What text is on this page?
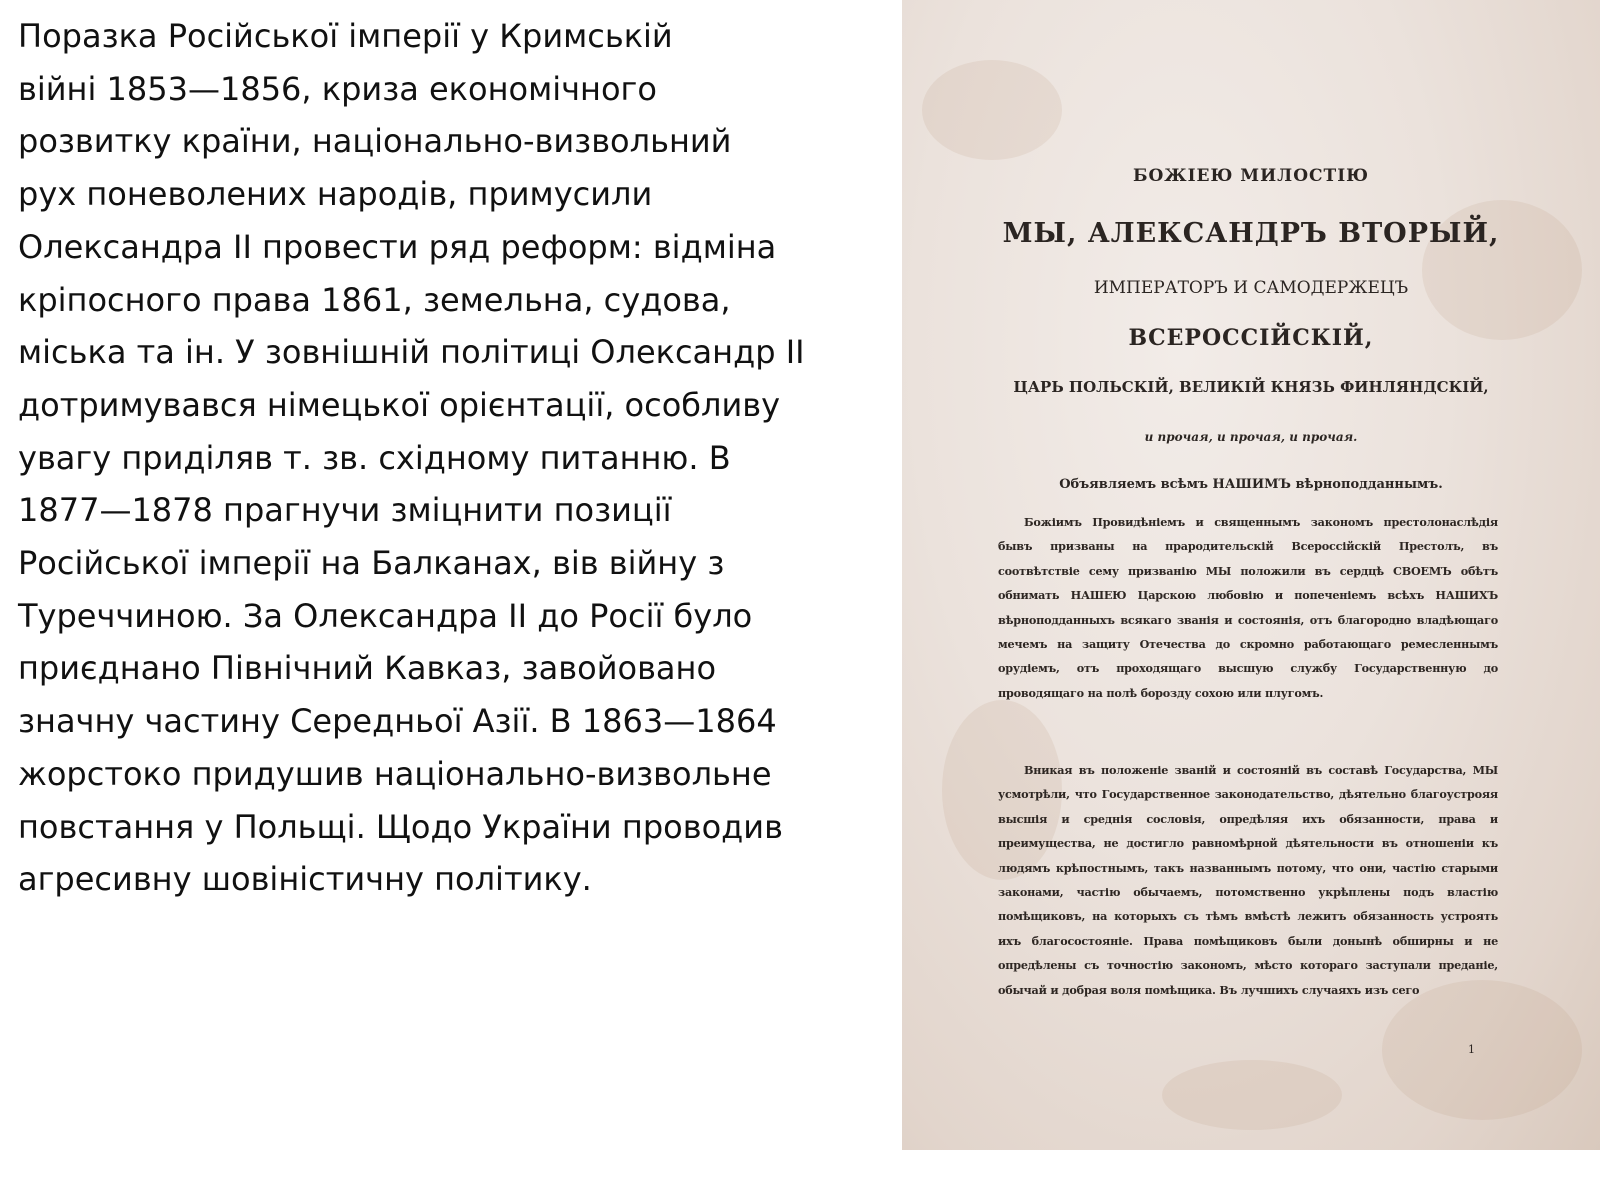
Поразка Російської імперії у Кримській
війні 1853—1856, криза економічного
розвитку країни, національно-визвольний
рух поневолених народів, примусили
Олександра ІІ провести ряд реформ: відміна
кріпосного права 1861, земельна, судова,
міська та ін. У зовнішній політиці Олександр ІІ
дотримувався німецької орієнтації, особливу
увагу приділяв т. зв. східному питанню. В
1877—1878 прагнучи зміцнити позиції
Російської імперії на Балканах, вів війну з
Туреччиною. За Олександра ІІ до Росії було
приєднано Північний Кавказ, завойовано
значну частину Середньої Азії. В 1863—1864
жорстоко придушив національно-визвольне
повстання у Польщі. Щодо України проводив
агресивну шовіністичну політику.

БОЖІЕЮ МИЛОСТІЮ

МЫ, АЛЕКСАНДРЪ ВТОРЫЙ,

ИМПЕРАТОРЪ И САМОДЕРЖЕЦЪ

ВСЕРОССІЙСКІЙ,

ЦАРЬ ПОЛЬСКІЙ, ВЕЛИКІЙ КНЯЗЬ ФИНЛЯНДСКІЙ,

и прочая, и прочая, и прочая.

Объявляемъ всѣмъ НАШИМЪ вѣрноподданнымъ.

Божіимъ Провидѣніемъ и священнымъ закономъ престолонаслѣдія бывъ призваны на прародительскій Всероссійскій Престолъ, въ соотвѣтствіе сему призванію МЫ положили въ сердцѣ СВОЕМЪ обѣтъ обнимать НАШЕЮ Царскою любовію и попеченіемъ всѣхъ НАШИХЪ вѣрноподданныхъ всякаго званія и состоянія, отъ благородно владѣющаго мечемъ на защиту Отечества до скромно работающаго ремесленнымъ орудіемъ, отъ проходящаго высшую службу Государственную до проводящаго на полѣ борозду сохою или плугомъ.

Вникая въ положеніе званій и состояній въ составѣ Государства, МЫ усмотрѣли, что Государственное законодательство, дѣятельно благоустрояя высшія и среднія сословія, опредѣляя ихъ обязанности, права и преимущества, не достигло равномѣрной дѣятельности въ отношеніи къ людямъ крѣпостнымъ, такъ названнымъ потому, что они, частію старыми законами, частію обычаемъ, потомственно укрѣплены подъ властію помѣщиковъ, на которыхъ съ тѣмъ вмѣстѣ лежитъ обязанность устроять ихъ благосостояніе. Права помѣщиковъ были донынѣ обширны и не опредѣлены съ точностію закономъ, мѣсто котораго заступали преданіе, обычай и добрая воля помѣщика. Въ лучшихъ случаяхъ изъ сего

1
